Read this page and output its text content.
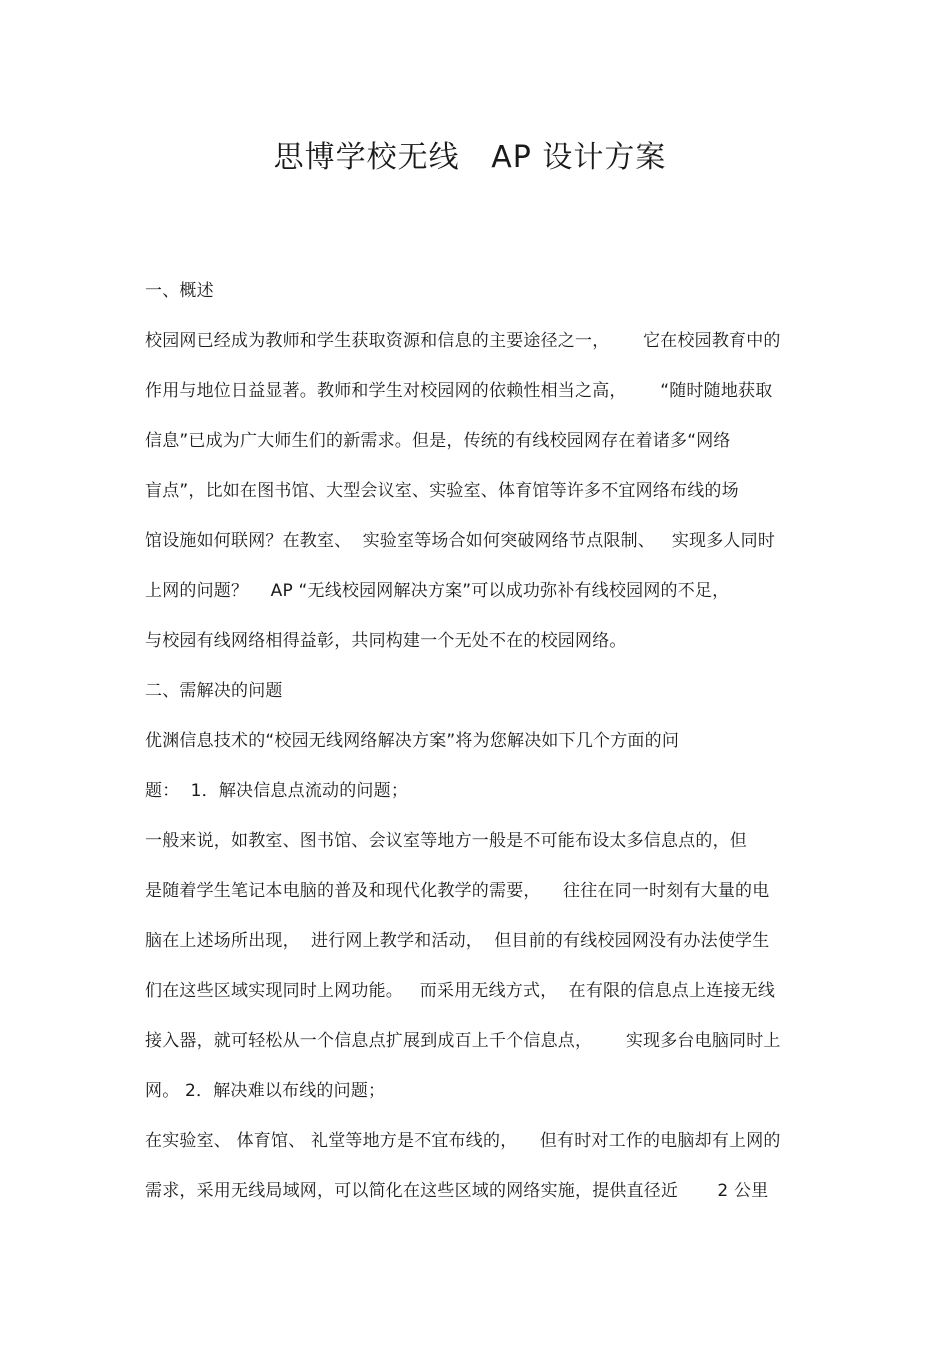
思博学校无线   AP 设计方案
一、概述
校园网已经成为教师和学生获取资源和信息的主要途径之一，      它在校园教育中的
作用与地位日益显著。教师和学生对校园网的依赖性相当之高，      “随时随地获取
信息”已成为广大师生们的新需求。但是，传统的有线校园网存在着诸多“网络
盲点”，比如在图书馆、大型会议室、实验室、体育馆等许多不宜网络布线的场
馆设施如何联网？在教室、  实验室等场合如何突破网络节点限制、   实现多人同时
上网的问题？    AP “无线校园网解决方案”可以成功弥补有线校园网的不足，
与校园有线网络相得益彰，共同构建一个无处不在的校园网络。
二、需解决的问题
优渊信息技术的“校园无线网络解决方案”将为您解决如下几个方面的问
题：  1．解决信息点流动的问题；
一般来说，如教室、图书馆、会议室等地方一般是不可能布设太多信息点的，但
是随着学生笔记本电脑的普及和现代化教学的需要，    往往在同一时刻有大量的电
脑在上述场所出现，  进行网上教学和活动，  但目前的有线校园网没有办法使学生
们在这些区域实现同时上网功能。   而采用无线方式，  在有限的信息点上连接无线
接入器，就可轻松从一个信息点扩展到成百上千个信息点，      实现多台电脑同时上
网。 2．解决难以布线的问题；
在实验室、 体育馆、 礼堂等地方是不宜布线的，    但有时对工作的电脑却有上网的
需求，采用无线局域网，可以简化在这些区域的网络实施，提供直径近       2 公里
